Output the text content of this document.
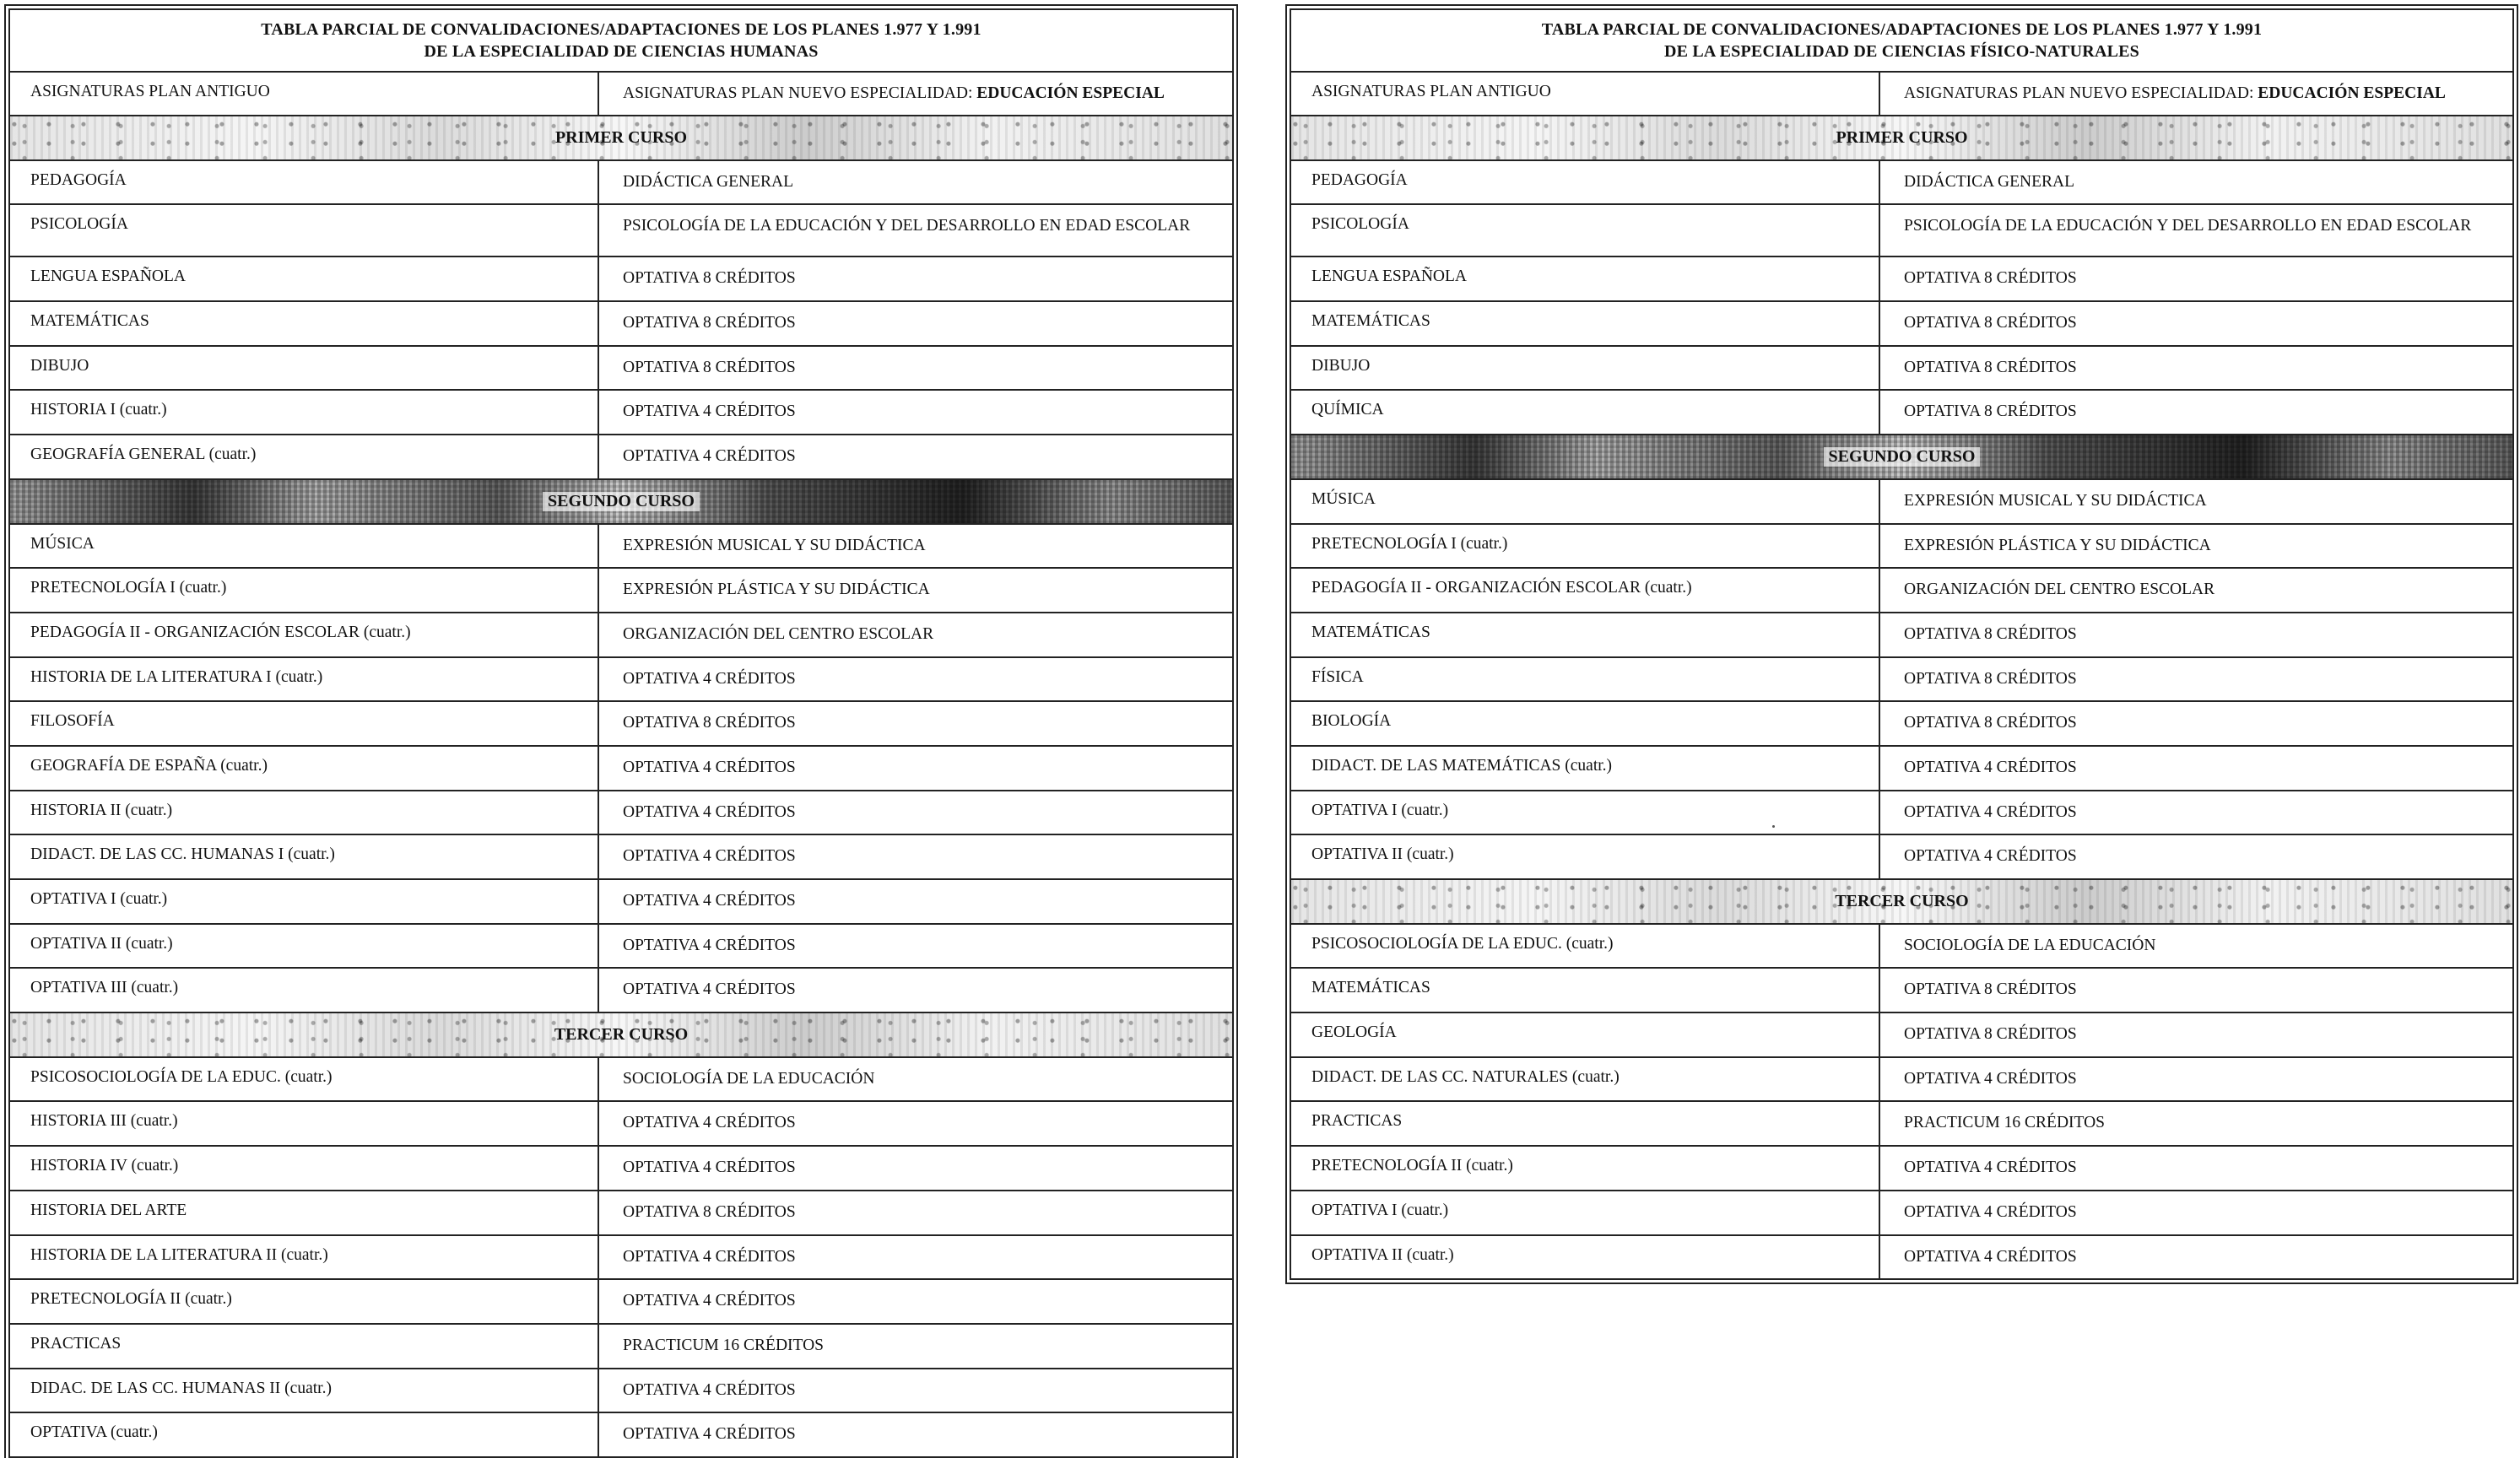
TABLA PARCIAL DE CONVALIDACIONES/ADAPTACIONES DE LOS PLANES 1.977 Y 1.991
DE LA ESPECIALIDAD DE CIENCIAS HUMANAS
ASIGNATURAS PLAN ANTIGUO	ASIGNATURAS PLAN NUEVO ESPECIALIDAD: EDUCACIÓN ESPECIAL
PRIMER CURSO
PEDAGOGÍA	DIDÁCTICA GENERAL
PSICOLOGÍA	PSICOLOGÍA DE LA EDUCACIÓN Y DEL DESARROLLO EN EDAD ESCOLAR
LENGUA ESPAÑOLA	OPTATIVA 8 CRÉDITOS
MATEMÁTICAS	OPTATIVA 8 CRÉDITOS
DIBUJO	OPTATIVA 8 CRÉDITOS
HISTORIA I (cuatr.)	OPTATIVA 4 CRÉDITOS
GEOGRAFÍA GENERAL (cuatr.)	OPTATIVA 4 CRÉDITOS
SEGUNDO CURSO
MÚSICA	EXPRESIÓN MUSICAL Y SU DIDÁCTICA
PRETECNOLOGÍA I (cuatr.)	EXPRESIÓN PLÁSTICA Y SU DIDÁCTICA
PEDAGOGÍA II - ORGANIZACIÓN ESCOLAR (cuatr.)	ORGANIZACIÓN DEL CENTRO ESCOLAR
HISTORIA DE LA LITERATURA I (cuatr.)	OPTATIVA 4 CRÉDITOS
FILOSOFÍA	OPTATIVA 8 CRÉDITOS
GEOGRAFÍA DE ESPAÑA (cuatr.)	OPTATIVA 4 CRÉDITOS
HISTORIA II (cuatr.)	OPTATIVA 4 CRÉDITOS
DIDACT. DE LAS CC. HUMANAS I (cuatr.)	OPTATIVA 4 CRÉDITOS
OPTATIVA I (cuatr.)	OPTATIVA 4 CRÉDITOS
OPTATIVA II (cuatr.)	OPTATIVA 4 CRÉDITOS
OPTATIVA III (cuatr.)	OPTATIVA 4 CRÉDITOS
TERCER CURSO
PSICOSOCIOLOGÍA DE LA EDUC. (cuatr.)	SOCIOLOGÍA DE LA EDUCACIÓN
HISTORIA III (cuatr.)	OPTATIVA 4 CRÉDITOS
HISTORIA IV (cuatr.)	OPTATIVA 4 CRÉDITOS
HISTORIA DEL ARTE	OPTATIVA 8 CRÉDITOS
HISTORIA DE LA LITERATURA II (cuatr.)	OPTATIVA 4 CRÉDITOS
PRETECNOLOGÍA II (cuatr.)	OPTATIVA 4 CRÉDITOS
PRACTICAS	PRACTICUM 16 CRÉDITOS
DIDAC. DE LAS CC. HUMANAS II (cuatr.)	OPTATIVA 4 CRÉDITOS
OPTATIVA (cuatr.)	OPTATIVA 4 CRÉDITOS
TABLA PARCIAL DE CONVALIDACIONES/ADAPTACIONES DE LOS PLANES 1.977 Y 1.991
DE LA ESPECIALIDAD DE CIENCIAS FÍSICO-NATURALES
ASIGNATURAS PLAN ANTIGUO	ASIGNATURAS PLAN NUEVO ESPECIALIDAD: EDUCACIÓN ESPECIAL
PRIMER CURSO
PEDAGOGÍA	DIDÁCTICA GENERAL
PSICOLOGÍA	PSICOLOGÍA DE LA EDUCACIÓN Y DEL DESARROLLO EN EDAD ESCOLAR
LENGUA ESPAÑOLA	OPTATIVA 8 CRÉDITOS
MATEMÁTICAS	OPTATIVA 8 CRÉDITOS
DIBUJO	OPTATIVA 8 CRÉDITOS
QUÍMICA	OPTATIVA 8 CRÉDITOS
SEGUNDO CURSO
MÚSICA	EXPRESIÓN MUSICAL Y SU DIDÁCTICA
PRETECNOLOGÍA I (cuatr.)	EXPRESIÓN PLÁSTICA Y SU DIDÁCTICA
PEDAGOGÍA II - ORGANIZACIÓN ESCOLAR (cuatr.)	ORGANIZACIÓN DEL CENTRO ESCOLAR
MATEMÁTICAS	OPTATIVA 8 CRÉDITOS
FÍSICA	OPTATIVA 8 CRÉDITOS
BIOLOGÍA	OPTATIVA 8 CRÉDITOS
DIDACT. DE LAS MATEMÁTICAS (cuatr.)	OPTATIVA 4 CRÉDITOS
OPTATIVA I (cuatr.)	OPTATIVA 4 CRÉDITOS
OPTATIVA II (cuatr.)	OPTATIVA 4 CRÉDITOS
TERCER CURSO
PSICOSOCIOLOGÍA DE LA EDUC. (cuatr.)	SOCIOLOGÍA DE LA EDUCACIÓN
MATEMÁTICAS	OPTATIVA 8 CRÉDITOS
GEOLOGÍA	OPTATIVA 8 CRÉDITOS
DIDACT. DE LAS CC. NATURALES (cuatr.)	OPTATIVA 4 CRÉDITOS
PRACTICAS	PRACTICUM 16 CRÉDITOS
PRETECNOLOGÍA II (cuatr.)	OPTATIVA 4 CRÉDITOS
OPTATIVA I (cuatr.)	OPTATIVA 4 CRÉDITOS
OPTATIVA II (cuatr.)	OPTATIVA 4 CRÉDITOS
